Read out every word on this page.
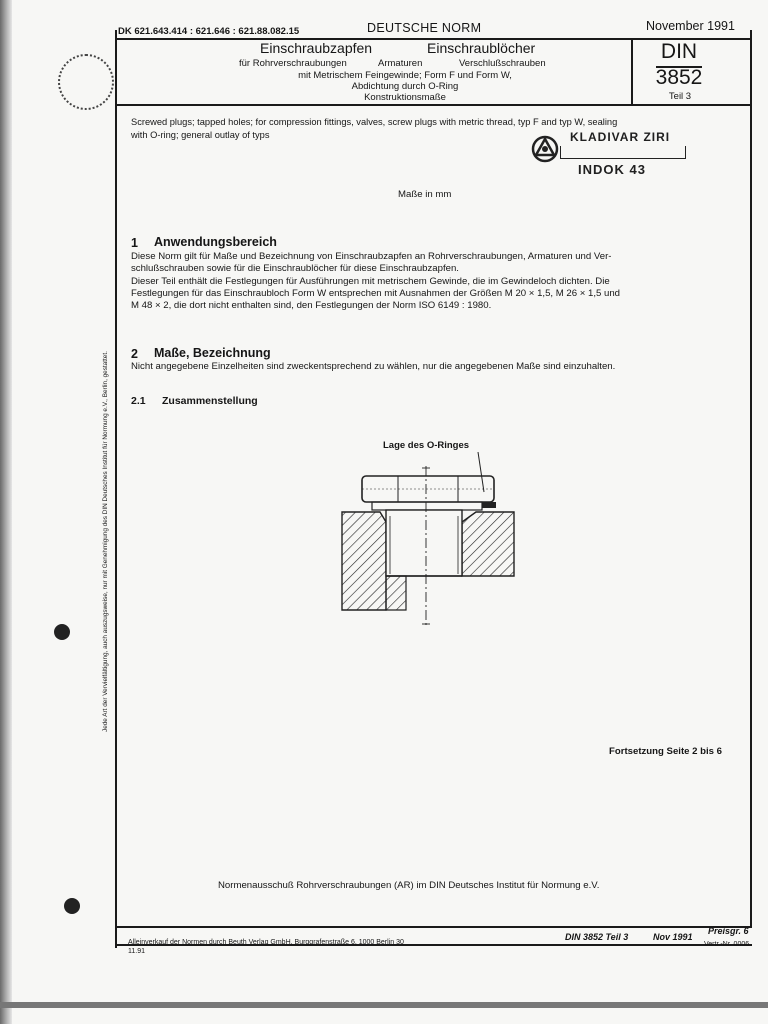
DK 621.643.414 : 621.646 : 621.88.082.15	DEUTSCHE NORM	November 1991
Einschraubzapfen	Einschraublöcher
für Rohrverschraubungen	Armaturen	Verschlußschrauben
mit Metrischem Feingewinde; Form F und Form W,
Abdichtung durch O-Ring
Konstruktionsmaße
DIN
3852
Teil 3
Screwed plugs; tapped holes; for compression fittings, valves, screw plugs with metric thread, typ F and typ W, sealing
with O-ring; general outlay of typs	KLADIVAR ZIRI
INDOK 43
Maße in mm
1 Anwendungsbereich
Diese Norm gilt für Maße und Bezeichnung von Einschraubzapfen an Rohrverschraubungen, Armaturen und Ver-
schlußschrauben sowie für die Einschraublöcher für diese Einschraubzapfen.
Dieser Teil enthält die Festlegungen für Ausführungen mit metrischem Gewinde, die im Gewindeloch dichten. Die
Festlegungen für das Einschraubloch Form W entsprechen mit Ausnahmen der Größen M 20 × 1,5, M 26 × 1,5 und
M 48 × 2, die dort nicht enthalten sind, den Festlegungen der Norm ISO 6149 : 1980.
2 Maße, Bezeichnung
Nicht angegebene Einzelheiten sind zweckentsprechend zu wählen, nur die angegebenen Maße sind einzuhalten.
2.1 Zusammenstellung
Lage des O-Ringes
Fortsetzung Seite 2 bis 6
Normenausschuß Rohrverschraubungen (AR) im DIN Deutsches Institut für Normung e.V.
Alleinverkauf der Normen durch Beuth Verlag GmbH, Burggrafenstraße 6, 1000 Berlin 30
11.91
DIN 3852 Teil 3	Nov 1991
Preisgr. 6
Vertr.-Nr. 0006
Jede Art der Vervielfältigung, auch auszugsweise, nur mit Genehmigung des DIN Deutsches Institut für Normung e.V., Berlin, gestattet.
